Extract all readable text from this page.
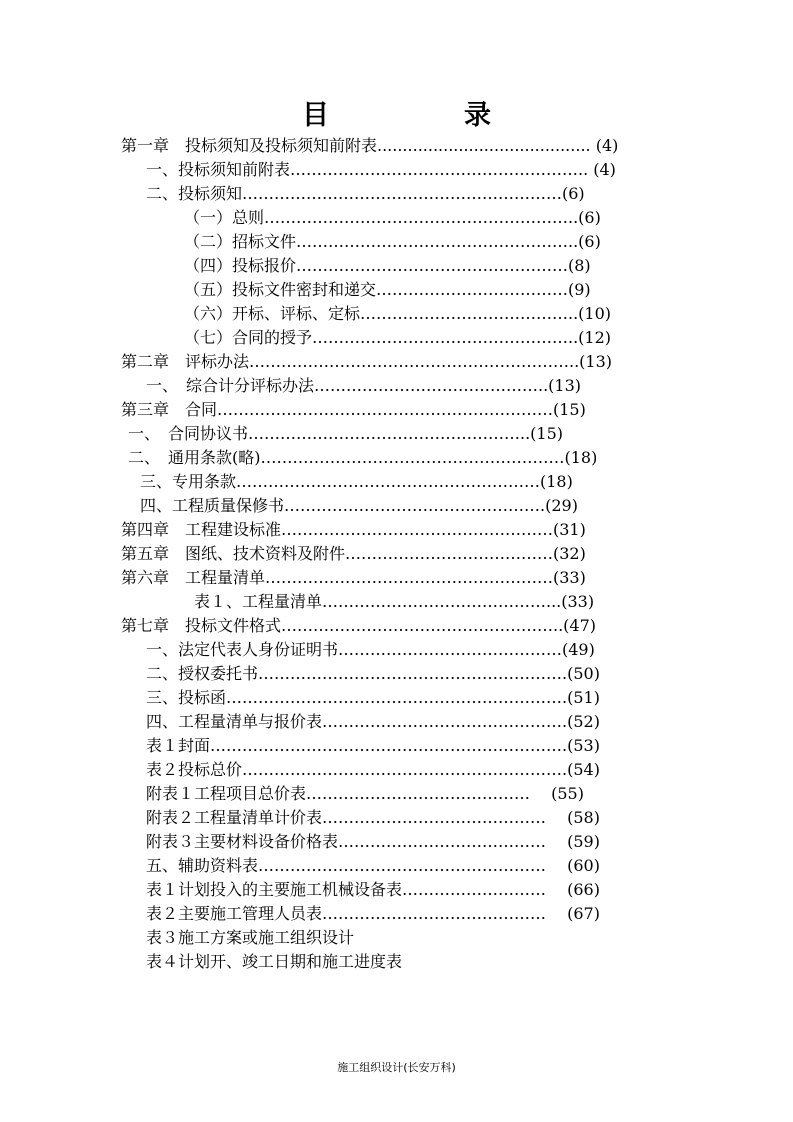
目　录
第一章　投标须知及投标须知前附表.......................................... (4)
一、投标须知前附表……………………………………………….. (4)
二、投标须知……………………………………………………(6)
（一）总则…………………………………………………..(6)
（二）招标文件……………………………………………..(6)
（四）投标报价……………………………………………(8)
（五）投标文件密封和递交………………………………(9)
（六）开标、评标、定标…………………………………..(10)
（七）合同的授予…………………………………………..(12)
第二章　评标办法……………………………………………………..(13)
一、　综合计分评标办法……………………………………..(13)
第三章　合同………………………………………………………(15)
一、　合同协议书……………………………………………..(15)
二、　通用条款(略)…………………………………………………(18)
三、专用条款…………………………………………………(18)
四、工程质量保修书………………………………………….(29)
第四章　工程建设标准……………………………………………(31)
第五章　图纸、技术资料及附件…………………………………(32)
第六章　工程量清单………………………………………………(33)
表１、工程量清单……………………………………...(33)
第七章　投标文件格式……………………………………………..(47)
一、法定代表人身份证明书……………………………………(49)
二、授权委托书………………………………………………….(50)
三、投标函……………………………………………………….(51)
四、工程量清单与报价表……………………………………….(52)
表１封面………………………………………………………….(53)
表２投标总价…………………………………………………….(54)
附表１工程项目总价表…………………………………… 　(55)
附表２工程量清单计价表…………………………………… 　(58)
附表３主要材料设备价格表………………………………… 　(59)
五、辅助资料表……………………………………………… 　(60)
表１计划投入的主要施工机械设备表……………………… 　(66)
表２主要施工管理人员表…………………………………… 　(67)
表３施工方案或施工组织设计
表４计划开、竣工日期和施工进度表
施工组织设计(长安万科)
